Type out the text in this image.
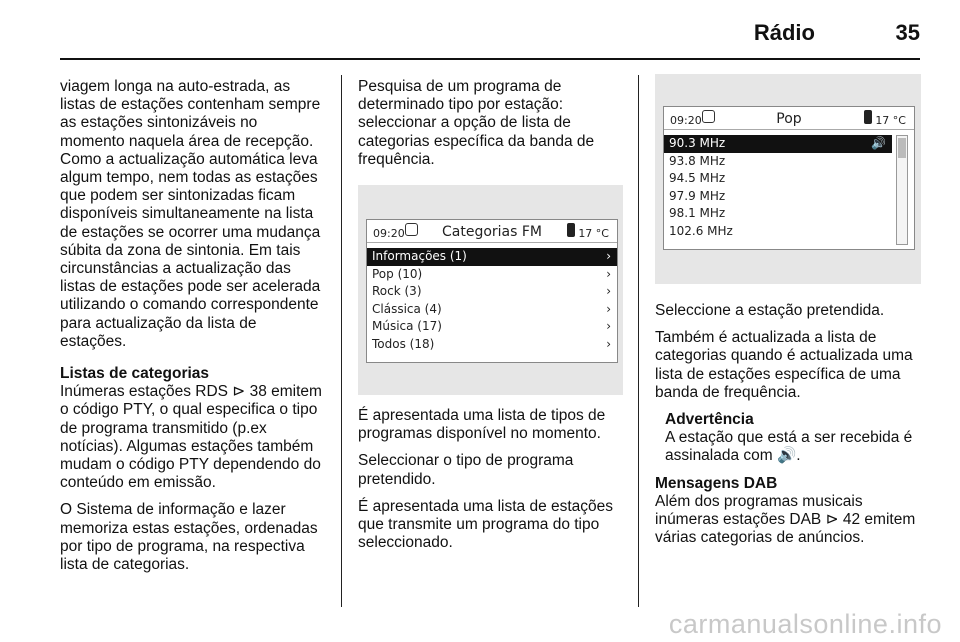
Rádio	35

viagem longa na auto-estrada, as listas de estações contenham sempre as estações sintonizáveis no momento naquela área de recepção. Como a actualização automática leva algum tempo, nem todas as estações que podem ser sintonizadas ficam disponíveis simultaneamente na lista de estações se ocorrer uma mudança súbita da zona de sintonia. Em tais circunstâncias a actualização das listas de estações pode ser acelerada utilizando o comando correspondente para actualização da lista de estações.

Listas de categorias

Inúmeras estações RDS ⊳ 38 emitem o código PTY, o qual especifica o tipo de programa transmitido (p.ex notícias). Algumas estações também mudam o código PTY dependendo do conteúdo em emissão.

O Sistema de informação e lazer memoriza estas estações, ordenadas por tipo de programa, na respectiva lista de categorias.

Pesquisa de um programa de determinado tipo por estação: seleccionar a opção de lista de categorias específica da banda de frequência.

09:20	Categorias FM	17 °C
Informações (1)	›
Pop (10)	›
Rock (3)	›
Clássica (4)	›
Música (17)	›
Todos (18)	›

É apresentada uma lista de tipos de programas disponível no momento.

Seleccionar o tipo de programa pretendido.

É apresentada uma lista de estações que transmite um programa do tipo seleccionado.

09:20	Pop	17 °C
90.3 MHz	🔊
93.8 MHz
94.5 MHz
97.9 MHz
98.1 MHz
102.6 MHz

Seleccione a estação pretendida.

Também é actualizada a lista de categorias quando é actualizada uma lista de estações específica de uma banda de frequência.

Advertência

A estação que está a ser recebida é assinalada com 🔊.

Mensagens DAB

Além dos programas musicais inúmeras estações DAB ⊳ 42 emitem várias categorias de anúncios.

carmanualsonline.info
